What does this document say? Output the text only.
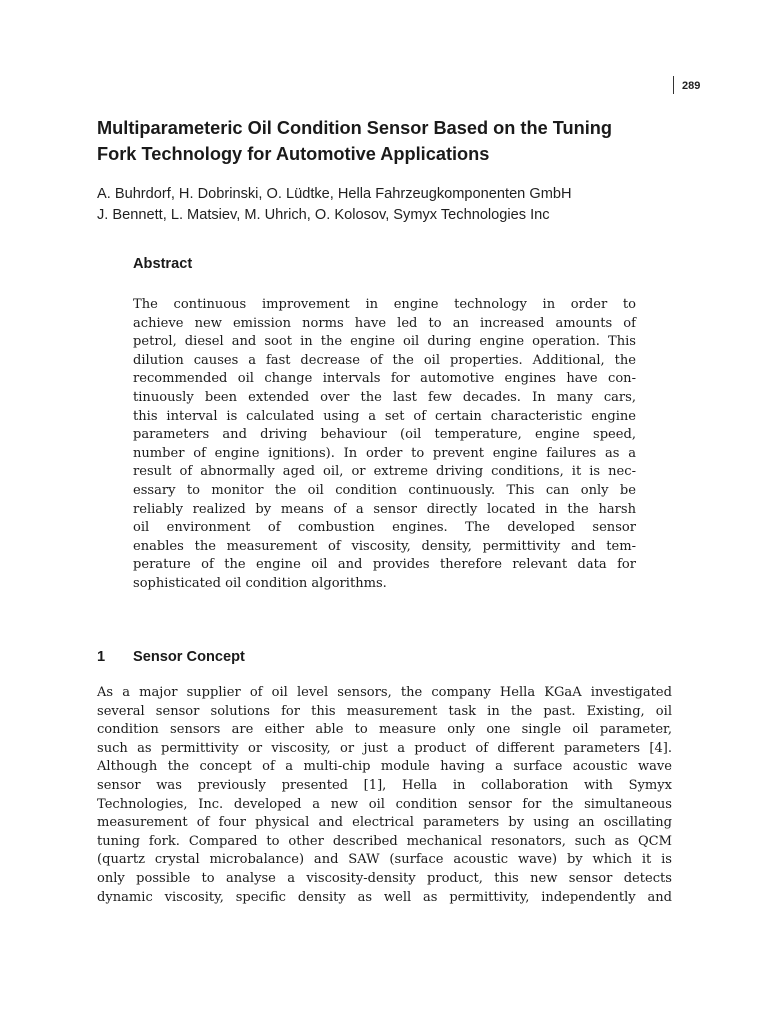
289
Multiparameteric Oil Condition Sensor Based on the Tuning
Fork Technology for Automotive Applications
A. Buhrdorf, H. Dobrinski, O. Lüdtke, Hella Fahrzeugkomponenten GmbH
J. Bennett, L. Matsiev, M. Uhrich, O. Kolosov, Symyx Technologies Inc
Abstract
The continuous improvement in engine technology in order to
achieve new emission norms have led to an increased amounts of
petrol, diesel and soot in the engine oil during engine operation. This
dilution causes a fast decrease of the oil properties. Additional, the
recommended oil change intervals for automotive engines have con-
tinuously been extended over the last few decades. In many cars,
this interval is calculated using a set of certain characteristic engine
parameters and driving behaviour (oil temperature, engine speed,
number of engine ignitions). In order to prevent engine failures as a
result of abnormally aged oil, or extreme driving conditions, it is nec-
essary to monitor the oil condition continuously. This can only be
reliably realized by means of a sensor directly located in the harsh
oil environment of combustion engines. The developed sensor
enables the measurement of viscosity, density, permittivity and tem-
perature of the engine oil and provides therefore relevant data for
sophisticated oil condition algorithms.
1 Sensor Concept
As a major supplier of oil level sensors, the company Hella KGaA investigated
several sensor solutions for this measurement task in the past. Existing, oil
condition sensors are either able to measure only one single oil parameter,
such as permittivity or viscosity, or just a product of different parameters [4].
Although the concept of a multi-chip module having a surface acoustic wave
sensor was previously presented [1], Hella in collaboration with Symyx
Technologies, Inc. developed a new oil condition sensor for the simultaneous
measurement of four physical and electrical parameters by using an oscillating
tuning fork. Compared to other described mechanical resonators, such as QCM
(quartz crystal microbalance) and SAW (surface acoustic wave) by which it is
only possible to analyse a viscosity-density product, this new sensor detects
dynamic viscosity, specific density as well as permittivity, independently and
